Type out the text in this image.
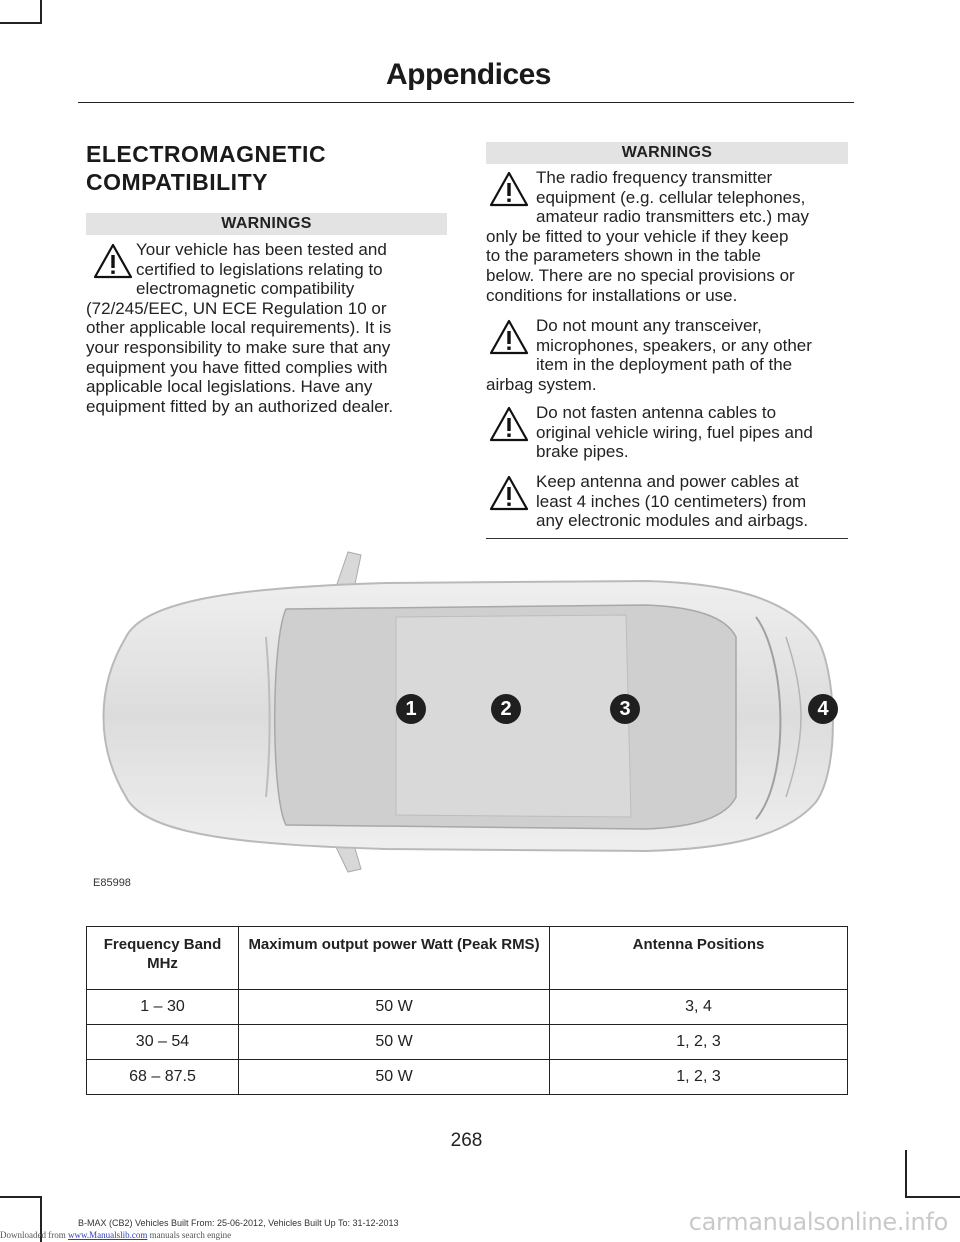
Appendices
ELECTROMAGNETIC
COMPATIBILITY
WARNINGS
Your vehicle has been tested and
certified to legislations relating to
electromagnetic compatibility
(72/245/EEC, UN ECE Regulation 10 or
other applicable local requirements). It is
your responsibility to make sure that any
equipment you have fitted complies with
applicable local legislations. Have any
equipment fitted by an authorized dealer.
WARNINGS
The radio frequency transmitter
equipment (e.g. cellular telephones,
amateur radio transmitters etc.) may
only be fitted to your vehicle if they keep
to the parameters shown in the table
below. There are no special provisions or
conditions for installations or use.
Do not mount any transceiver,
microphones, speakers, or any other
item in the deployment path of the
airbag system.
Do not fasten antenna cables to
original vehicle wiring, fuel pipes and
brake pipes.
Keep antenna and power cables at
least 4 inches (10 centimeters) from
any electronic modules and airbags.
1	2	3	4
E85998
Frequency Band MHz	Maximum output power Watt (Peak RMS)	Antenna Positions
1 – 30	50 W	3, 4
30 – 54	50 W	1, 2, 3
68 – 87.5	50 W	1, 2, 3
268
B-MAX (CB2) Vehicles Built From: 25-06-2012, Vehicles Built Up To: 31-12-2013
Downloaded from www.Manualslib.com manuals search engine	carmanualsonline.info
